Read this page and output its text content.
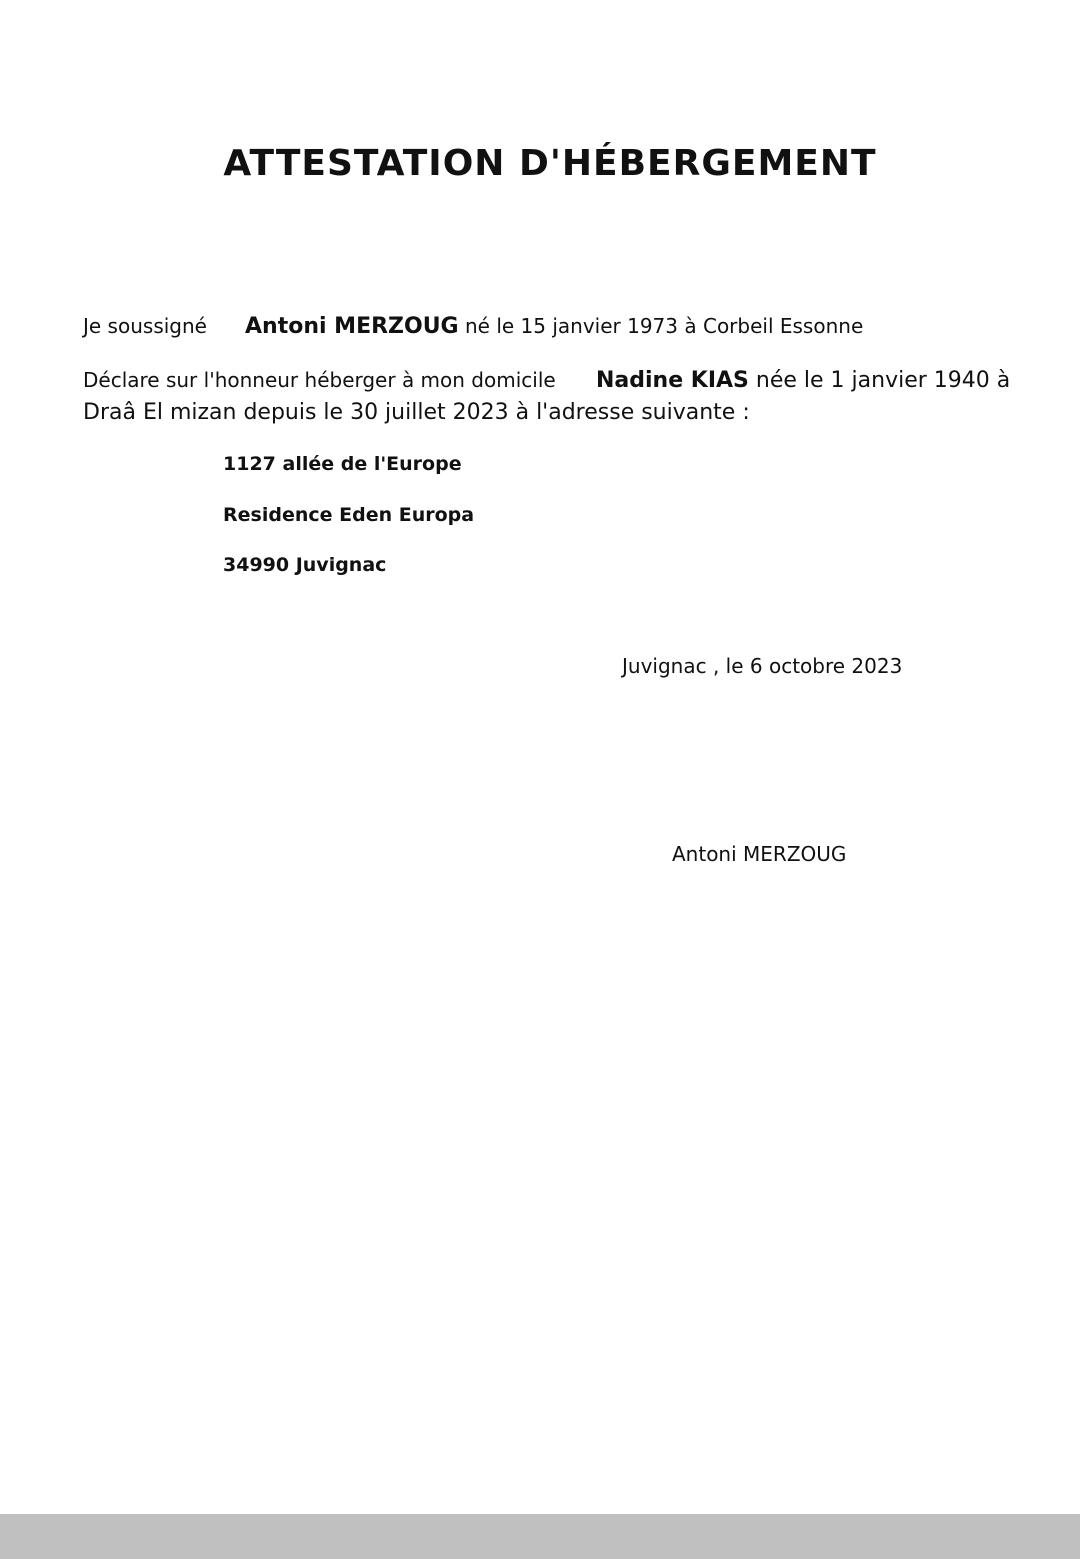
ATTESTATION D'HÉBERGEMENT
Je soussigné Antoni MERZOUG né le 15 janvier 1973 à Corbeil Essonne
Déclare sur l'honneur héberger à mon domicile Nadine KIAS née le 1 janvier 1940 à
Draâ El mizan depuis le 30 juillet 2023 à l'adresse suivante :
1127 allée de l'Europe
Residence Eden Europa
34990 Juvignac
Juvignac , le 6 octobre 2023
Antoni MERZOUG
